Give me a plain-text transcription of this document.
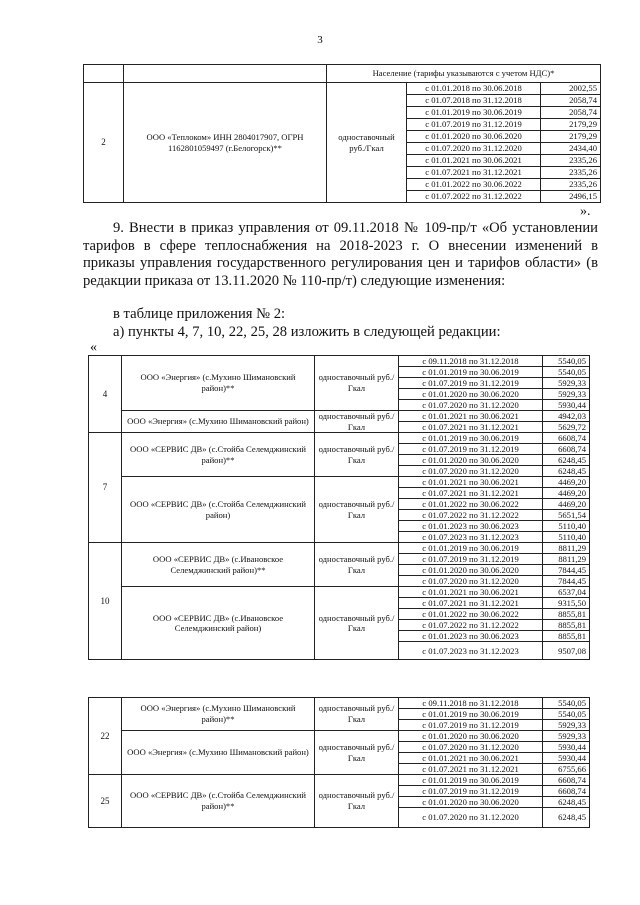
3
		Население (тарифы указываются с учетом НДС)*		
2	ООО «Теплоком» ИНН 2804017907, ОГРН 1162801059497 (г.Белогорск)**	одноставочный руб./Гкал	с 01.01.2018 по 30.06.2018	2002,55
			с 01.07.2018 по 31.12.2018	2058,74
			с 01.01.2019 по 30.06.2019	2058,74
			с 01.07.2019 по 31.12.2019	2179,29
			с 01.01.2020 по 30.06.2020	2179,29
			с 01.07.2020 по 31.12.2020	2434,40
			с 01.01.2021 по 30.06.2021	2335,26
			с 01.07.2021 по 31.12.2021	2335,26
			с 01.01.2022 по 30.06.2022	2335,26
			с 01.07.2022 по 31.12.2022	2496,15
».
9. Внести в приказ управления от 09.11.2018 № 109-пр/т «Об установлении тарифов в сфере теплоснабжения на 2018-2023 г. О внесении изменений в приказы управления государственного регулирования цен и тарифов области» (в редакции приказа от 13.11.2020 № 110-пр/т) следующие изменения:
в таблице приложения № 2:
а) пункты 4, 7, 10, 22, 25, 28 изложить в следующей редакции:
«
4	ООО «Энергия» (с.Мухино Шимановский район)**	одноставочный руб./Гкал	с 09.11.2018 по 31.12.2018	5540,05
			с 01.01.2019 по 30.06.2019	5540,05
			с 01.07.2019 по 31.12.2019	5929,33
			с 01.01.2020 по 30.06.2020	5929,33
			с 01.07.2020 по 31.12.2020	5930,44
	ООО «Энергия» (с.Мухино Шимановский район)	одноставочный руб./Гкал	с 01.01.2021 по 30.06.2021	4942,03
			с 01.07.2021 по 31.12.2021	5629,72
7	ООО «СЕРВИС ДВ» (с.Стойба Селемджинский район)**	одноставочный руб./Гкал	с 01.01.2019 по 30.06.2019	6608,74
			с 01.07.2019 по 31.12.2019	6608,74
			с 01.01.2020 по 30.06.2020	6248,45
			с 01.07.2020 по 31.12.2020	6248,45
	ООО «СЕРВИС ДВ» (с.Стойба Селемджинский район)	одноставочный руб./Гкал	с 01.01.2021 по 30.06.2021	4469,20
			с 01.07.2021 по 31.12.2021	4469,20
			с 01.01.2022 по 30.06.2022	4469,20
			с 01.07.2022 по 31.12.2022	5651,54
			с 01.01.2023 по 30.06.2023	5110,40
			с 01.07.2023 по 31.12.2023	5110,40
10	ООО «СЕРВИС ДВ» (с.Ивановское Селемджинский район)**	одноставочный руб./Гкал	с 01.01.2019 по 30.06.2019	8811,29
			с 01.07.2019 по 31.12.2019	8811,29
			с 01.01.2020 по 30.06.2020	7844,45
			с 01.07.2020 по 31.12.2020	7844,45
	ООО «СЕРВИС ДВ» (с.Ивановское Селемджинский район)	одноставочный руб./Гкал	с 01.01.2021 по 30.06.2021	6537,04
			с 01.07.2021 по 31.12.2021	9315,50
			с 01.01.2022 по 30.06.2022	8855,81
			с 01.07.2022 по 31.12.2022	8855,81
			с 01.01.2023 по 30.06.2023	8855,81
			с 01.07.2023 по 31.12.2023	9507,08
22	ООО «Энергия» (с.Мухино Шимановский район)**	одноставочный руб./Гкал	с 09.11.2018 по 31.12.2018	5540,05
			с 01.01.2019 по 30.06.2019	5540,05
			с 01.07.2019 по 31.12.2019	5929,33
	ООО «Энергия» (с.Мухино Шимановский район)	одноставочный руб./Гкал	с 01.01.2020 по 30.06.2020	5929,33
			с 01.07.2020 по 31.12.2020	5930,44
			с 01.01.2021 по 30.06.2021	5930,44
			с 01.07.2021 по 31.12.2021	6755,66
25	ООО «СЕРВИС ДВ» (с.Стойба Селемджинский район)**	одноставочный руб./Гкал	с 01.01.2019 по 30.06.2019	6608,74
			с 01.07.2019 по 31.12.2019	6608,74
			с 01.01.2020 по 30.06.2020	6248,45
			с 01.07.2020 по 31.12.2020	6248,45
